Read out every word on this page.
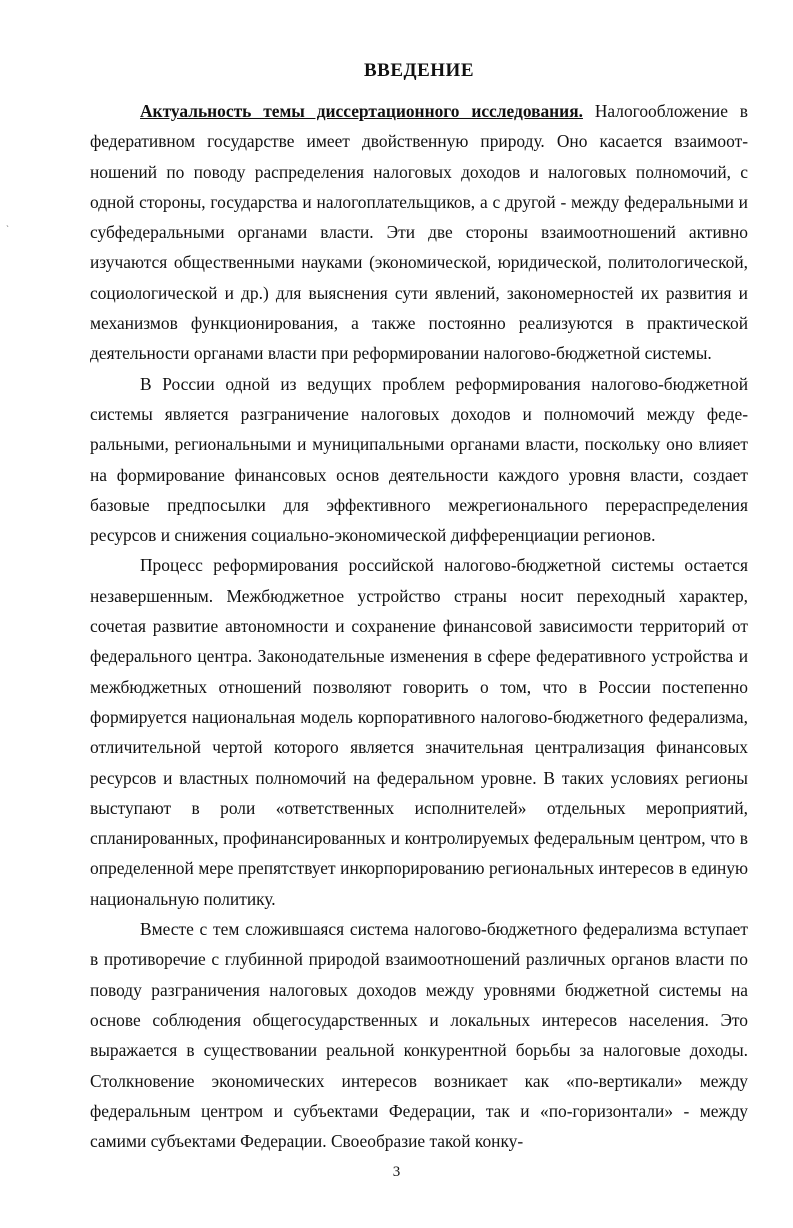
ВВЕДЕНИЕ

Актуальность темы диссертационного исследования. Налогообложение в федеративном государстве имеет двойственную природу. Оно касается взаимоотношений по поводу распределения налоговых доходов и налоговых полномочий, с одной стороны, государства и налогоплательщиков, а с другой - между федеральными и субфедеральными органами власти. Эти две стороны взаимоотношений активно изучаются общественными науками (экономической, юридической, политологической, социологической и др.) для выяснения сути явлений, закономерностей их развития и механизмов функционирования, а также постоянно реализуются в практической деятельности органами власти при реформировании налогово-бюджетной системы.

В России одной из ведущих проблем реформирования налогово-бюджетной системы является разграничение налоговых доходов и полномочий между федеральными, региональными и муниципальными органами власти, поскольку оно влияет на формирование финансовых основ деятельности каждого уровня власти, создает базовые предпосылки для эффективного межрегионального перераспределения ресурсов и снижения социально-экономической дифференциации регионов.

Процесс реформирования российской налогово-бюджетной системы остается незавершенным. Межбюджетное устройство страны носит переходный характер, сочетая развитие автономности и сохранение финансовой зависимости территорий от федерального центра. Законодательные изменения в сфере федеративного устройства и межбюджетных отношений позволяют говорить о том, что в России постепенно формируется национальная модель корпоративного налогово-бюджетного федерализма, отличительной чертой которого является значительная централизация финансовых ресурсов и властных полномочий на федеральном уровне. В таких условиях регионы выступают в роли «ответственных исполнителей» отдельных мероприятий, спланированных, профинансированных и контролируемых федеральным центром, что в определенной мере препятствует инкорпорированию региональных интересов в единую национальную политику.

Вместе с тем сложившаяся система налогово-бюджетного федерализма вступает в противоречие с глубинной природой взаимоотношений различных органов власти по поводу разграничения налоговых доходов между уровнями бюджетной системы на основе соблюдения общегосударственных и локальных интересов населения. Это выражается в существовании реальной конкурентной борьбы за налоговые доходы. Столкновение экономических интересов возникает как «по-вертикали» между федеральным центром и субъектами Федерации, так и «по-горизонтали» - между самими субъектами Федерации. Своеобразие такой конку-

ˋ
3
